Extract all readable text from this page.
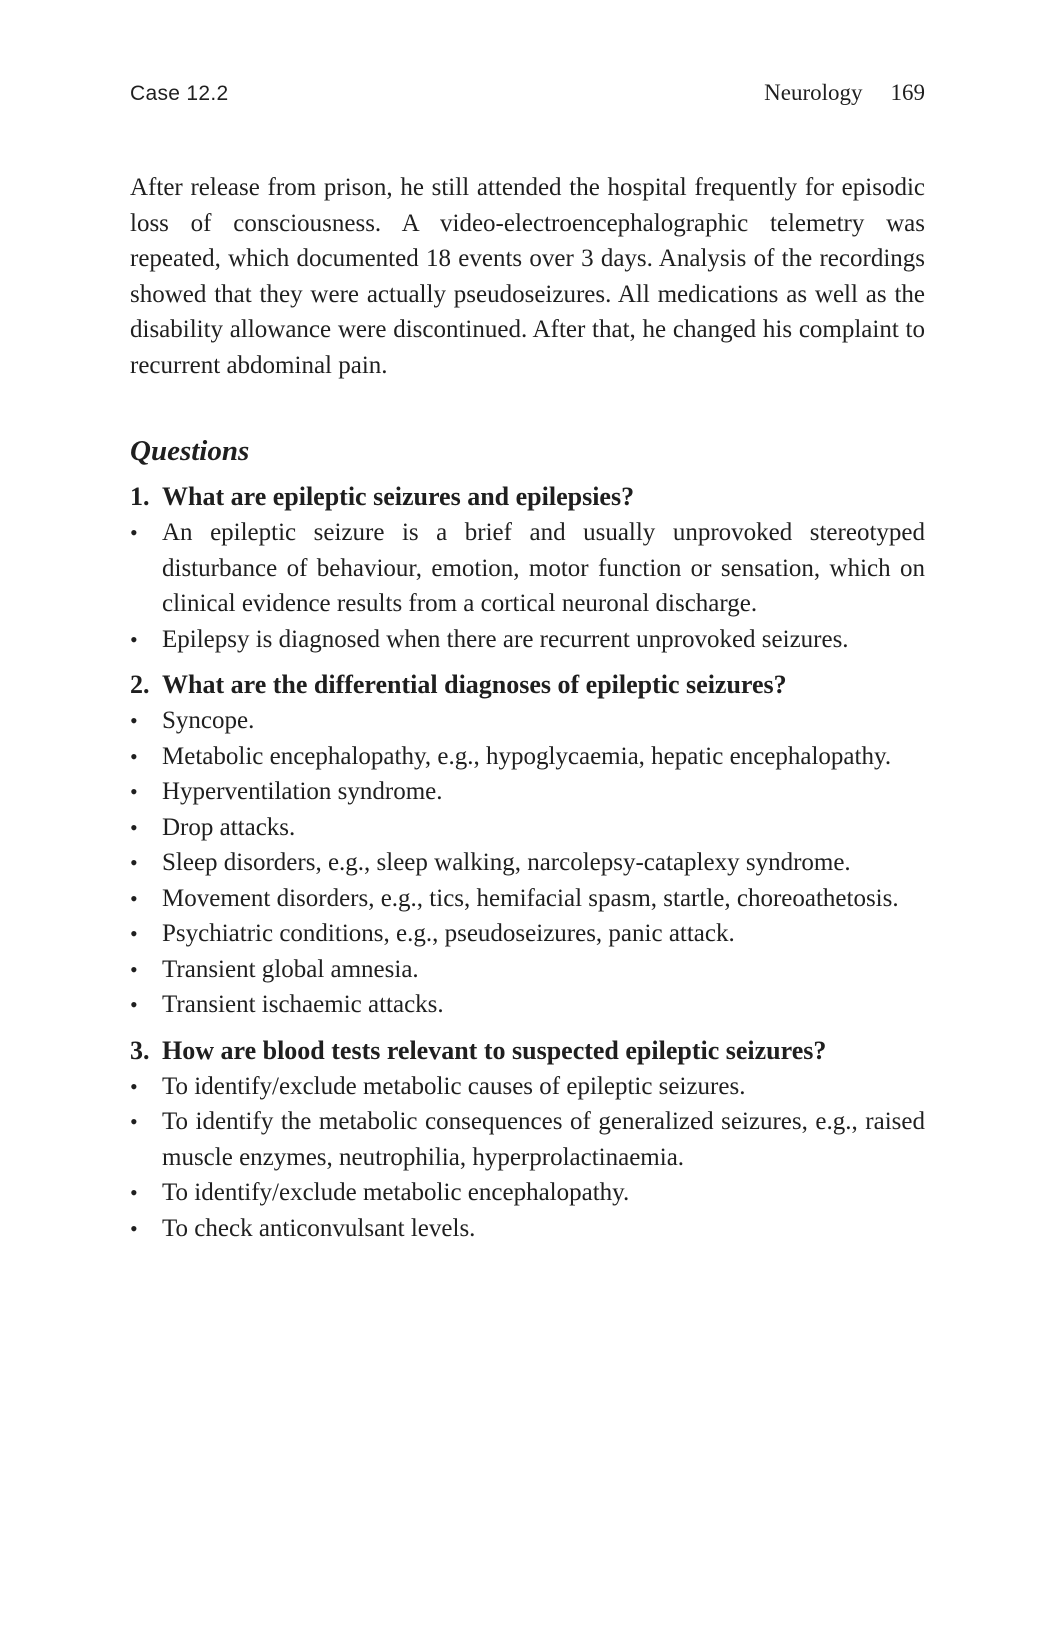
Case 12.2	Neurology 169

After release from prison, he still attended the hospital frequently for episodic loss of consciousness. A video-electroencephalographic telemetry was repeated, which documented 18 events over 3 days. Analysis of the recordings showed that they were actually pseudoseizures. All medications as well as the disability allowance were discontinued. After that, he changed his complaint to recurrent abdominal pain.

Questions
1. What are epileptic seizures and epilepsies?
• An epileptic seizure is a brief and usually unprovoked stereotyped disturbance of behaviour, emotion, motor function or sensation, which on clinical evidence results from a cortical neuronal discharge.
• Epilepsy is diagnosed when there are recurrent unprovoked seizures.
2. What are the differential diagnoses of epileptic seizures?
• Syncope.
• Metabolic encephalopathy, e.g., hypoglycaemia, hepatic encephalopathy.
• Hyperventilation syndrome.
• Drop attacks.
• Sleep disorders, e.g., sleep walking, narcolepsy-cataplexy syndrome.
• Movement disorders, e.g., tics, hemifacial spasm, startle, choreoathetosis.
• Psychiatric conditions, e.g., pseudoseizures, panic attack.
• Transient global amnesia.
• Transient ischaemic attacks.
3. How are blood tests relevant to suspected epileptic seizures?
• To identify/exclude metabolic causes of epileptic seizures.
• To identify the metabolic consequences of generalized seizures, e.g., raised muscle enzymes, neutrophilia, hyperprolactinaemia.
• To identify/exclude metabolic encephalopathy.
• To check anticonvulsant levels.
